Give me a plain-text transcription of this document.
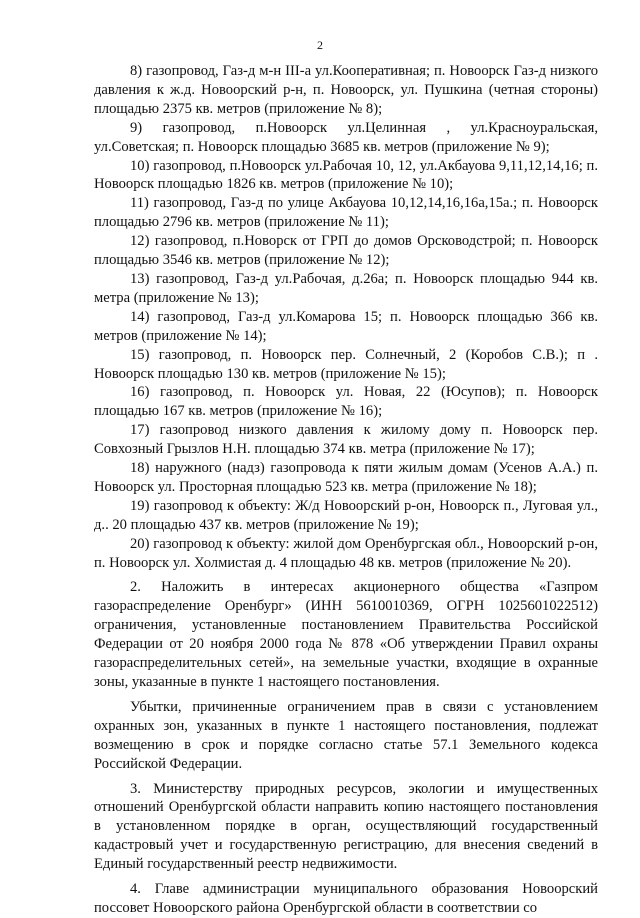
2

8) газопровод, Газ-д м-н III-а ул.Кооперативная; п. Новоорск Газ-д низкого давления к ж.д. Новоорский р-н, п. Новоорск, ул. Пушкина (четная стороны) площадью 2375 кв. метров (приложение № 8);

9) газопровод, п.Новоорск ул.Целинная , ул.Красноуральская, ул.Советская; п. Новоорск площадью 3685 кв. метров (приложение № 9);

10) газопровод, п.Новоорск ул.Рабочая 10, 12, ул.Акбауова 9,11,12,14,16; п. Новоорск площадью 1826 кв. метров (приложение № 10);

11) газопровод, Газ-д по улице Акбауова 10,12,14,16,16а,15а.; п. Новоорск площадью 2796 кв. метров (приложение № 11);

12) газопровод, п.Новорск от ГРП до домов Орсководстрой; п. Новоорск площадью 3546 кв. метров (приложение № 12);

13) газопровод, Газ-д ул.Рабочая, д.26а; п. Новоорск площадью 944 кв. метра (приложение № 13);

14) газопровод, Газ-д ул.Комарова 15; п. Новоорск площадью 366 кв. метров (приложение № 14);

15) газопровод, п. Новоорск пер. Солнечный, 2 (Коробов С.В.); п . Новоорск площадью 130 кв. метров (приложение № 15);

16) газопровод, п. Новоорск ул. Новая, 22 (Юсупов); п. Новоорск площадью 167 кв. метров (приложение № 16);

17) газопровод низкого давления к жилому дому п. Новоорск пер. Совхозный Грызлов Н.Н. площадью 374 кв. метра (приложение № 17);

18) наружного (надз) газопровода к пяти жилым домам (Усенов А.А.) п. Новоорск ул. Просторная площадью 523 кв. метра (приложение № 18);

19) газопровод к объекту: Ж/д Новоорский р-он, Новоорск п., Луговая ул., д.. 20 площадью 437 кв. метров (приложение № 19);

20) газопровод к объекту: жилой дом Оренбургская обл., Новоорский р-он, п. Новоорск ул. Холмистая д. 4 площадью 48 кв. метров (приложение № 20).

2. Наложить в интересах акционерного общества «Газпром газораспределение Оренбург» (ИНН 5610010369, ОГРН 1025601022512) ограничения, установленные постановлением Правительства Российской Федерации от 20 ноября 2000 года № 878 «Об утверждении Правил охраны газораспределительных сетей», на земельные участки, входящие в охранные зоны, указанные в пункте 1 настоящего постановления.

Убытки, причиненные ограничением прав в связи с установлением охранных зон, указанных в пункте 1 настоящего постановления, подлежат возмещению в срок и порядке согласно статье 57.1 Земельного кодекса Российской Федерации.

3. Министерству природных ресурсов, экологии и имущественных отношений Оренбургской области направить копию настоящего постановления в установленном порядке в орган, осуществляющий государственный кадастровый учет и государственную регистрацию, для внесения сведений в Единый государственный реестр недвижимости.

4. Главе администрации муниципального образования Новоорский поссовет Новоорского района Оренбургской области в соответствии со
